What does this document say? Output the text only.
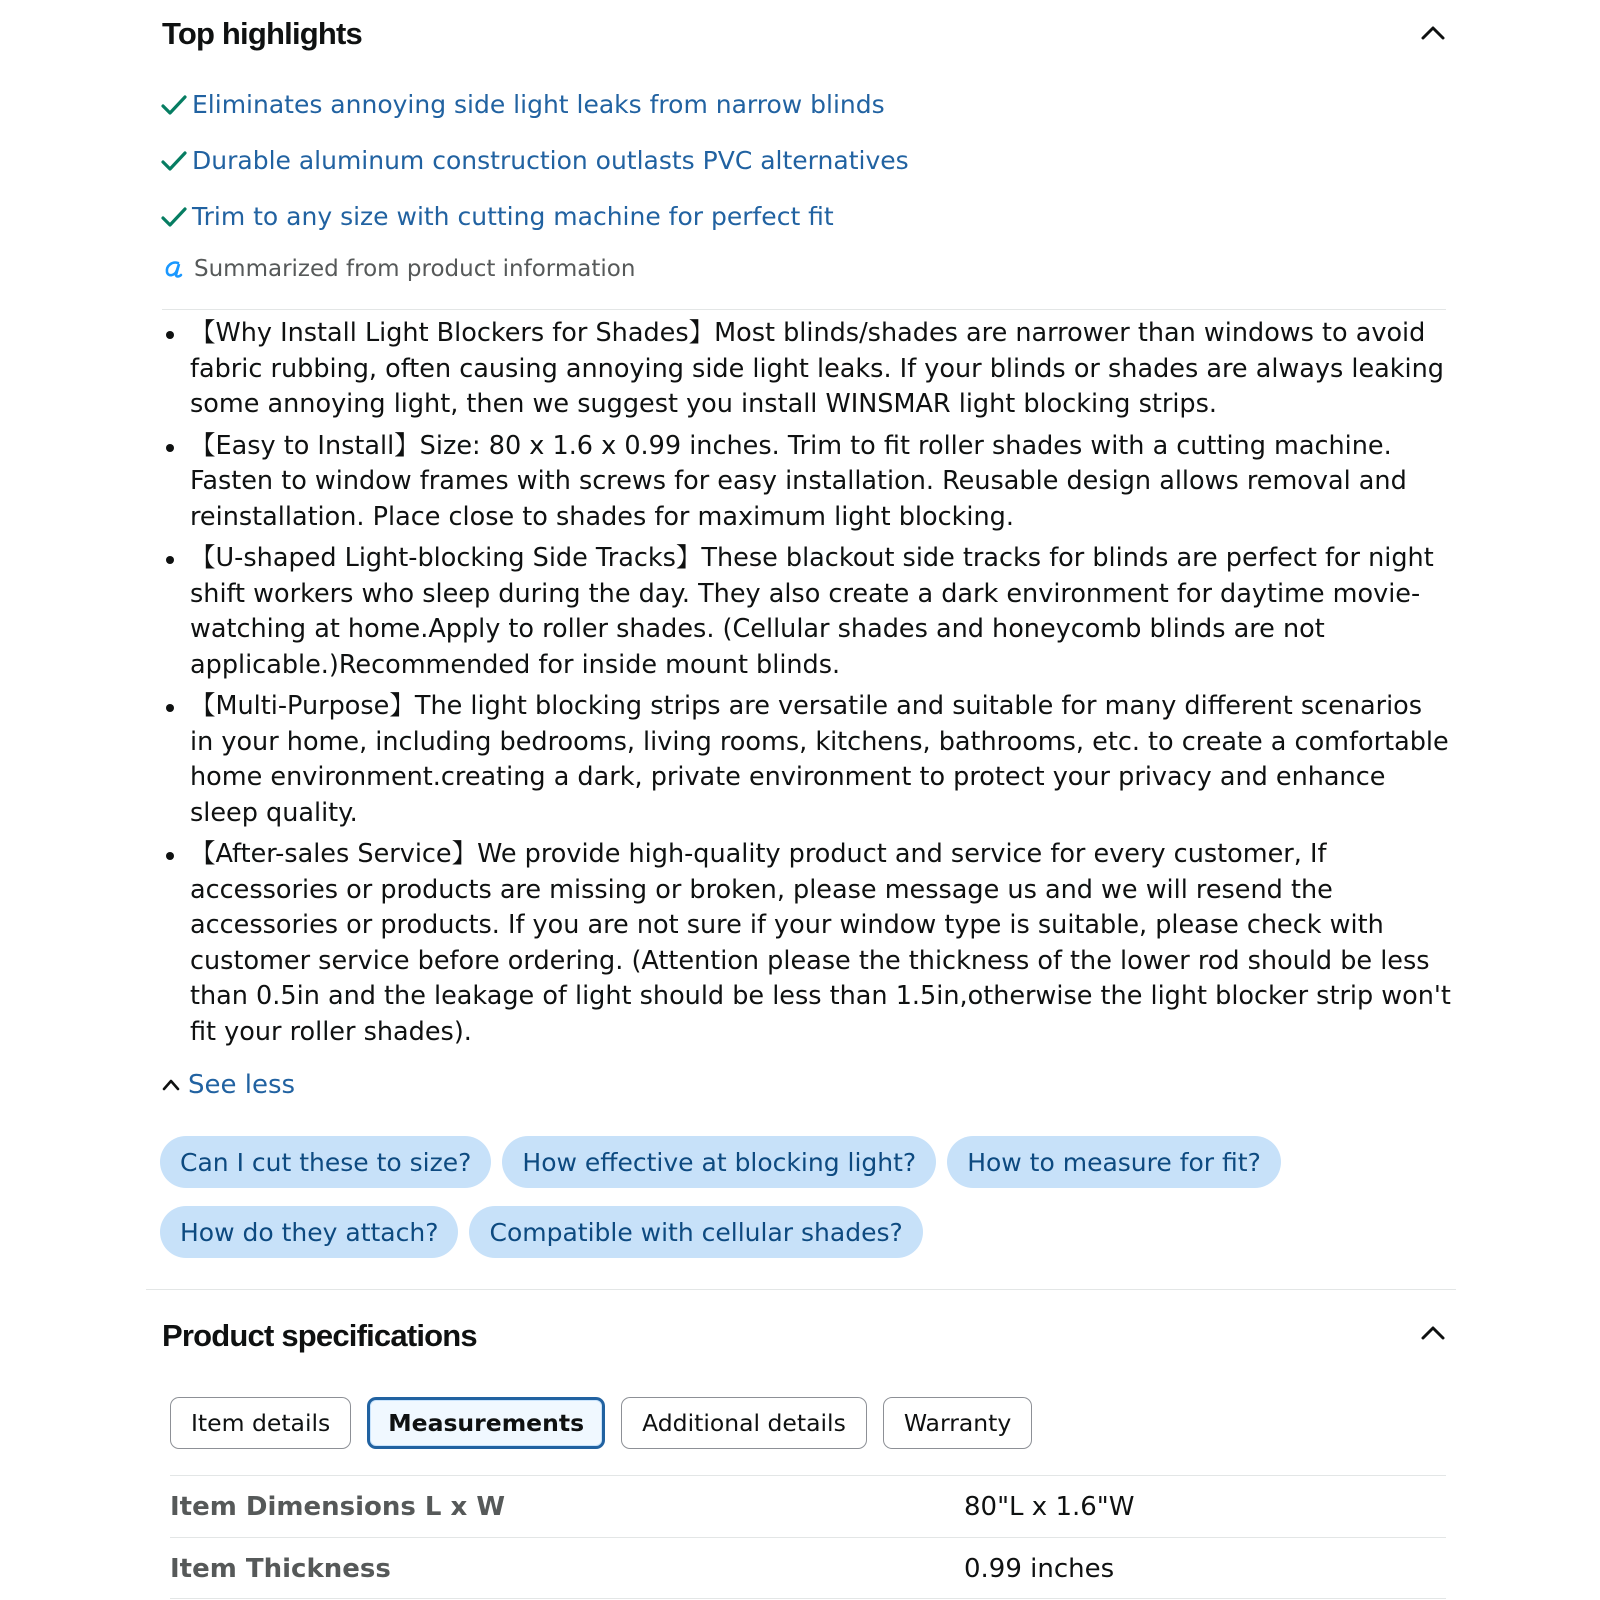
Top highlights
Eliminates annoying side light leaks from narrow blinds
Durable aluminum construction outlasts PVC alternatives
Trim to any size with cutting machine for perfect fit
Summarized from product information
【Why Install Light Blockers for Shades】Most blinds/shades are narrower than windows to avoid fabric rubbing, often causing annoying side light leaks. If your blinds or shades are always leaking some annoying light, then we suggest you install WINSMAR light blocking strips.
【Easy to Install】Size: 80 x 1.6 x 0.99 inches. Trim to fit roller shades with a cutting machine. Fasten to window frames with screws for easy installation. Reusable design allows removal and reinstallation. Place close to shades for maximum light blocking.
【U-shaped Light-blocking Side Tracks】These blackout side tracks for blinds are perfect for night shift workers who sleep during the day. They also create a dark environment for daytime movie-watching at home.Apply to roller shades. (Cellular shades and honeycomb blinds are not applicable.)Recommended for inside mount blinds.
【Multi-Purpose】The light blocking strips are versatile and suitable for many different scenarios in your home, including bedrooms, living rooms, kitchens, bathrooms, etc. to create a comfortable home environment.creating a dark, private environment to protect your privacy and enhance sleep quality.
【After-sales Service】We provide high-quality product and service for every customer, If accessories or products are missing or broken, please message us and we will resend the accessories or products. If you are not sure if your window type is suitable, please check with customer service before ordering. (Attention please the thickness of the lower rod should be less than 0.5in and the leakage of light should be less than 1.5in,otherwise the light blocker strip won't fit your roller shades).
See less
Can I cut these to size?	How effective at blocking light?	How to measure for fit?
How do they attach?	Compatible with cellular shades?
Product specifications
Item details	Measurements	Additional details	Warranty
Item Dimensions L x W	80"L x 1.6"W
Item Thickness	0.99 inches
